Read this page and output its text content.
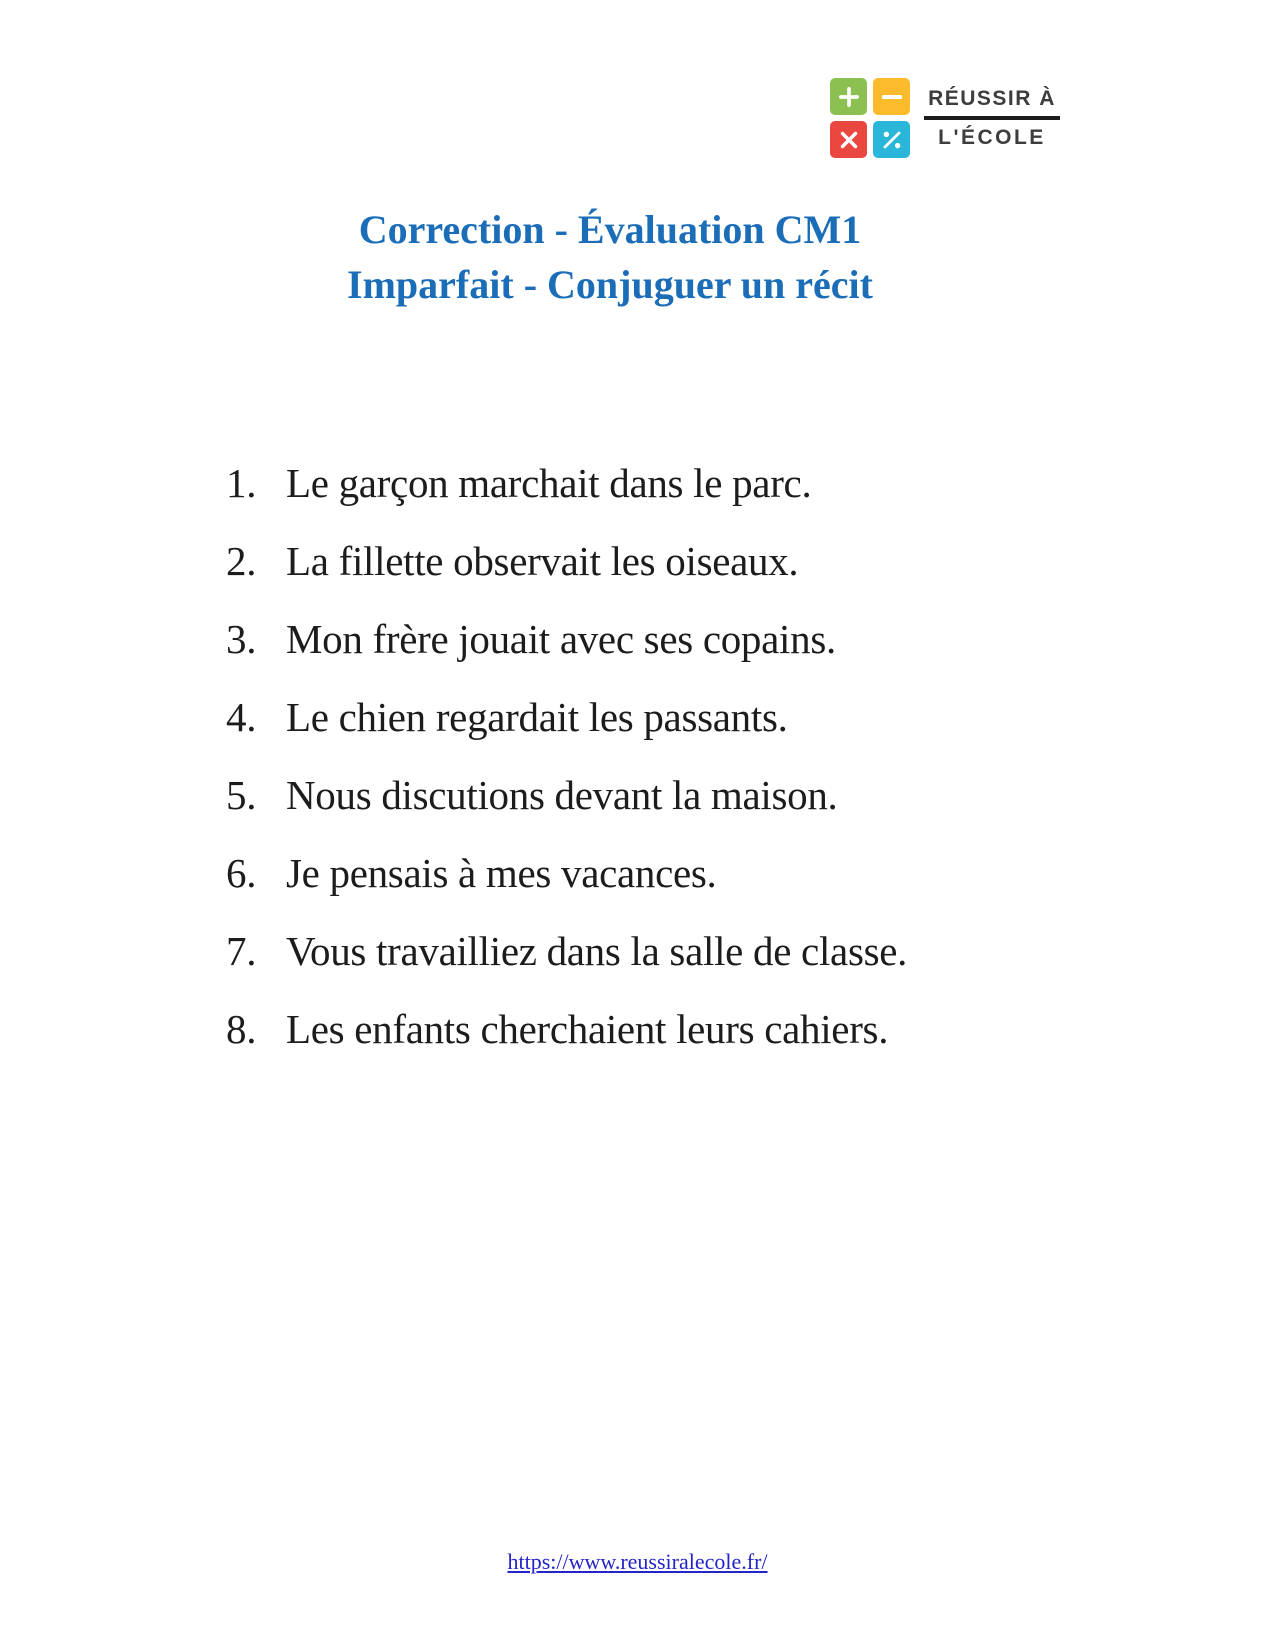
RÉUSSIR À
L'ÉCOLE
Correction - Évaluation CM1
Imparfait - Conjuguer un récit
1. Le garçon marchait dans le parc.
2. La fillette observait les oiseaux.
3. Mon frère jouait avec ses copains.
4. Le chien regardait les passants.
5. Nous discutions devant la maison.
6. Je pensais à mes vacances.
7. Vous travailliez dans la salle de classe.
8. Les enfants cherchaient leurs cahiers.
https://www.reussiralecole.fr/
